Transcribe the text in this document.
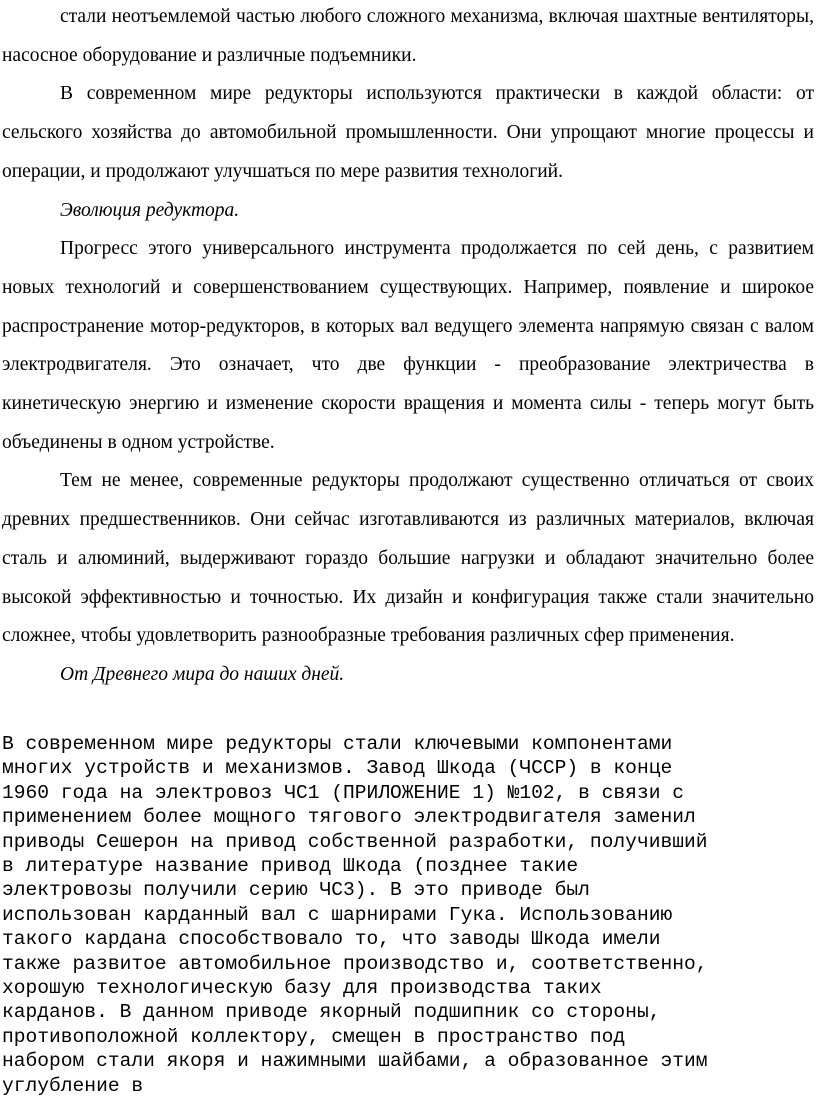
стали неотъемлемой частью любого сложного механизма, включая шахтные вентиляторы, насосное оборудование и различные подъемники.

В современном мире редукторы используются практически в каждой области: от сельского хозяйства до автомобильной промышленности. Они упрощают многие процессы и операции, и продолжают улучшаться по мере развития технологий.

Эволюция редуктора.

Прогресс этого универсального инструмента продолжается по сей день, с развитием новых технологий и совершенствованием существующих. Например, появление и широкое распространение мотор-редукторов, в которых вал ведущего элемента напрямую связан с валом электродвигателя. Это означает, что две функции - преобразование электричества в кинетическую энергию и изменение скорости вращения и момента силы - теперь могут быть объединены в одном устройстве.

Тем не менее, современные редукторы продолжают существенно отличаться от своих древних предшественников. Они сейчас изготавливаются из различных материалов, включая сталь и алюминий, выдерживают гораздо большие нагрузки и обладают значительно более высокой эффективностью и точностью. Их дизайн и конфигурация также стали значительно сложнее, чтобы удовлетворить разнообразные требования различных сфер применения.

От Древнего мира до наших дней.

В современном мире редукторы стали ключевыми компонентами
многих устройств и механизмов. Завод Шкода (ЧССР) в конце
1960 года на электровоз ЧС1 (ПРИЛОЖЕНИЕ 1) №102, в связи с
применением более мощного тягового электродвигателя заменил
приводы Сешерон на привод собственной разработки, получивший
в литературе название привод Шкода (позднее такие
электровозы получили серию ЧС3). В это приводе был
использован карданный вал с шарнирами Гука. Использованию
такого кардана способствовало то, что заводы Шкода имели
также развитое автомобильное производство и, соответственно,
хорошую технологическую базу для производства таких
карданов. В данном приводе якорный подшипник со стороны,
противоположной коллектору, смещен в пространство под
набором стали якоря и нажимными шайбами, а образованное этим
углубление в
